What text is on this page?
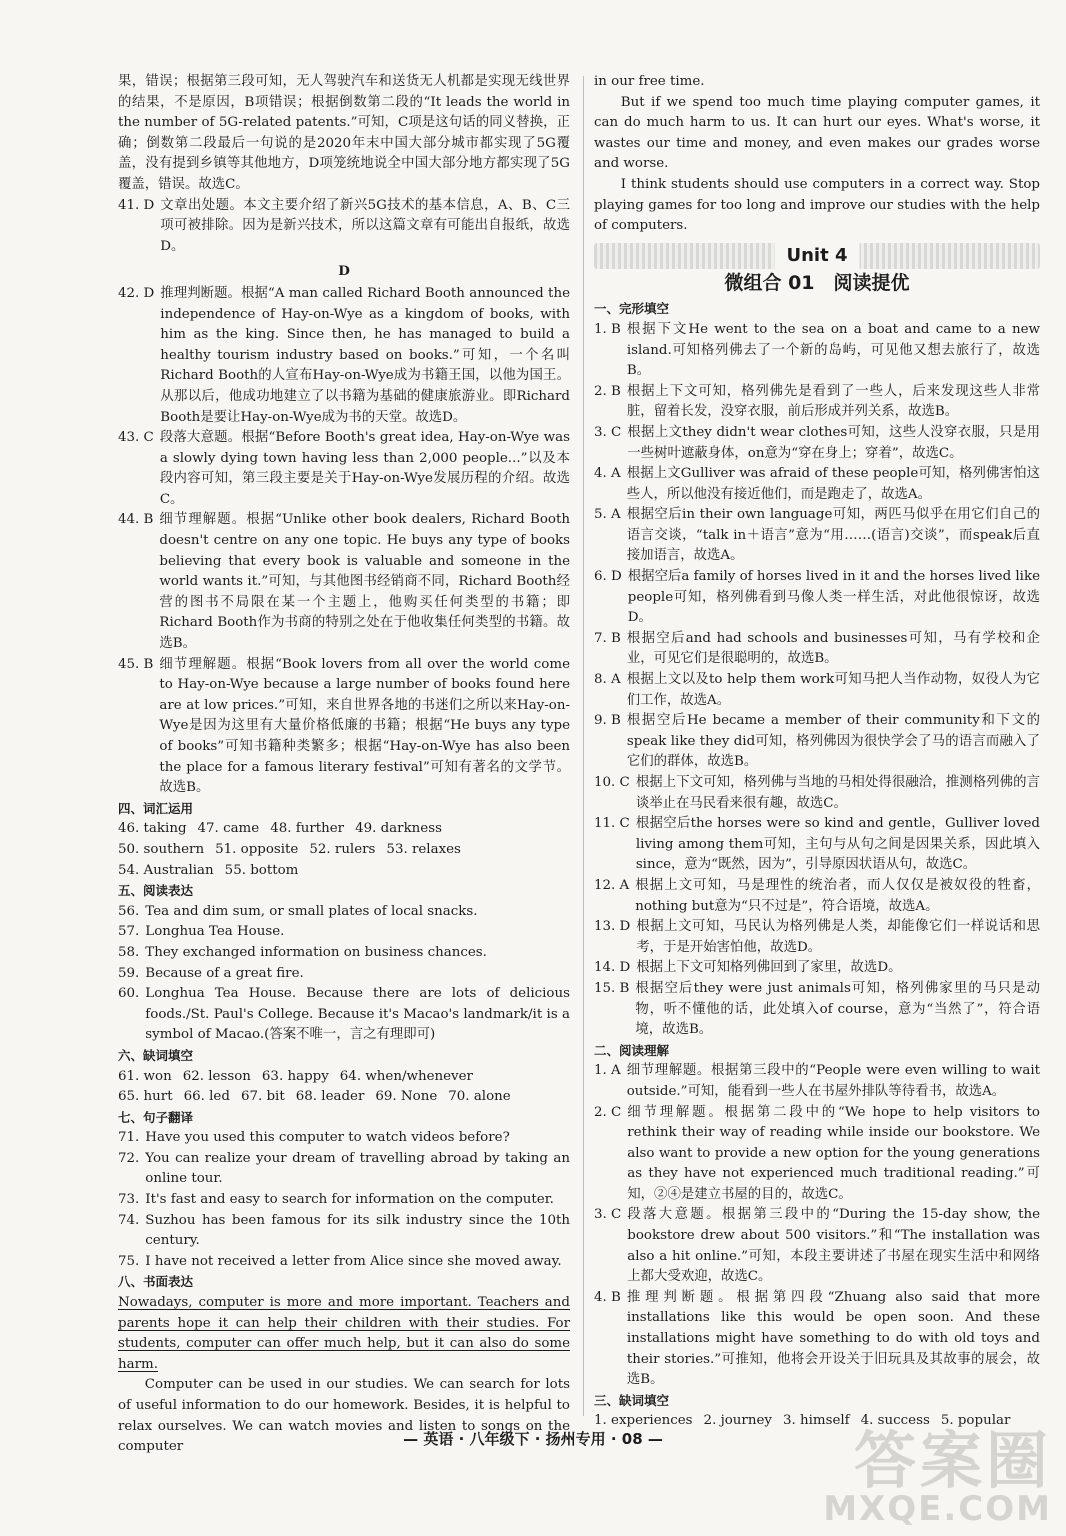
果，错误；根据第三段可知，无人驾驶汽车和送货无人机都是实现无线世界的结果，不是原因，B项错误；根据倒数第二段的“It leads the world in the number of 5G-related patents.”可知，C项是这句话的同义替换，正确；倒数第二段最后一句说的是2020年末中国大部分城市都实现了5G覆盖，没有提到乡镇等其他地方，D项笼统地说全中国大部分地方都实现了5G覆盖，错误。故选C。

41. D 文章出处题。本文主要介绍了新兴5G技术的基本信息，A、B、C三项可被排除。因为是新兴技术，所以这篇文章有可能出自报纸，故选D。

D

42. D 推理判断题。根据“A man called Richard Booth announced the independence of Hay-on-Wye as a kingdom of books, with him as the king. Since then, he has managed to build a healthy tourism industry based on books.”可知，一个名叫Richard Booth的人宣布Hay-on-Wye成为书籍王国，以他为国王。从那以后，他成功地建立了以书籍为基础的健康旅游业。即Richard Booth是要让Hay-on-Wye成为书的天堂。故选D。
43. C 段落大意题。根据“Before Booth's great idea, Hay-on-Wye was a slowly dying town having less than 2,000 people...”以及本段内容可知，第三段主要是关于Hay-on-Wye发展历程的介绍。故选C。
44. B 细节理解题。根据“Unlike other book dealers, Richard Booth doesn't centre on any one topic. He buys any type of books believing that every book is valuable and someone in the world wants it.”可知，与其他图书经销商不同，Richard Booth经营的图书不局限在某一个主题上，他购买任何类型的书籍；即Richard Booth作为书商的特别之处在于他收集任何类型的书籍。故选B。
45. B 细节理解题。根据“Book lovers from all over the world come to Hay-on-Wye because a large number of books found here are at low prices.”可知，来自世界各地的书迷们之所以来Hay-on-Wye是因为这里有大量价格低廉的书籍；根据“He buys any type of books”可知书籍种类繁多；根据“Hay-on-Wye has also been the place for a famous literary festival”可知有著名的文学节。故选B。

四、词汇运用

46. taking 47. came 48. further 49. darkness
50. southern 51. opposite 52. rulers 53. relaxes
54. Australian 55. bottom

五、阅读表达

56. Tea and dim sum, or small plates of local snacks.
57. Longhua Tea House.
58. They exchanged information on business chances.
59. Because of a great fire.
60. Longhua Tea House. Because there are lots of delicious foods./St. Paul's College. Because it's Macao's landmark/it is a symbol of Macao.(答案不唯一，言之有理即可)

六、缺词填空

61. won 62. lesson 63. happy 64. when/whenever
65. hurt 66. led 67. bit 68. leader 69. None 70. alone

七、句子翻译

71. Have you used this computer to watch videos before?
72. You can realize your dream of travelling abroad by taking an online tour.
73. It's fast and easy to search for information on the computer.
74. Suzhou has been famous for its silk industry since the 10th century.
75. I have not received a letter from Alice since she moved away.

八、书面表达

Nowadays, computer is more and more important. Teachers and parents hope it can help their children with their studies. For students, computer can offer much help, but it can also do some harm.

Computer can be used in our studies. We can search for lots of useful information to do our homework. Besides, it is helpful to relax ourselves. We can watch movies and listen to songs on the computer

in our free time.

But if we spend too much time playing computer games, it can do much harm to us. It can hurt our eyes. What's worse, it wastes our time and money, and even makes our grades worse and worse.

I think students should use computers in a correct way. Stop playing games for too long and improve our studies with the help of computers.

Unit 4

微组合 01　阅读提优

一、完形填空

1. B 根据下文He went to the sea on a boat and came to a new island.可知格列佛去了一个新的岛屿，可见他又想去旅行了，故选B。
2. B 根据上下文可知，格列佛先是看到了一些人，后来发现这些人非常脏，留着长发，没穿衣服，前后形成并列关系，故选B。
3. C 根据上文they didn't wear clothes可知，这些人没穿衣服，只是用一些树叶遮蔽身体，on意为“穿在身上；穿着”，故选C。
4. A 根据上文Gulliver was afraid of these people可知，格列佛害怕这些人，所以他没有接近他们，而是跑走了，故选A。
5. A 根据空后in their own language可知，两匹马似乎在用它们自己的语言交谈，“talk in＋语言”意为“用……(语言)交谈”，而speak后直接加语言，故选A。
6. D 根据空后a family of horses lived in it and the horses lived like people可知，格列佛看到马像人类一样生活，对此他很惊讶，故选D。
7. B 根据空后and had schools and businesses可知，马有学校和企业，可见它们是很聪明的，故选B。
8. A 根据上文以及to help them work可知马把人当作动物，奴役人为它们工作，故选A。
9. B 根据空后He became a member of their community和下文的speak like they did可知，格列佛因为很快学会了马的语言而融入了它们的群体，故选B。
10. C 根据上下文可知，格列佛与当地的马相处得很融洽，推测格列佛的言谈举止在马民看来很有趣，故选C。
11. C 根据空后the horses were so kind and gentle，Gulliver loved living among them可知，主句与从句之间是因果关系，因此填入since，意为“既然，因为”，引导原因状语从句，故选C。
12. A 根据上文可知，马是理性的统治者，而人仅仅是被奴役的牲畜，nothing but意为“只不过是”，符合语境，故选A。
13. D 根据上文可知，马民认为格列佛是人类，却能像它们一样说话和思考，于是开始害怕他，故选D。
14. D 根据上下文可知格列佛回到了家里，故选D。
15. B 根据空后they were just animals可知，格列佛家里的马只是动物，听不懂他的话，此处填入of course，意为“当然了”，符合语境，故选B。

二、阅读理解

1. A 细节理解题。根据第三段中的“People were even willing to wait outside.”可知，能看到一些人在书屋外排队等待看书，故选A。
2. C 细节理解题。根据第二段中的“We hope to help visitors to rethink their way of reading while inside our bookstore. We also want to provide a new option for the young generations as they have not experienced much traditional reading.”可知，②④是建立书屋的目的，故选C。
3. C 段落大意题。根据第三段中的“During the 15-day show, the bookstore drew about 500 visitors.”和“The installation was also a hit online.”可知，本段主要讲述了书屋在现实生活中和网络上都大受欢迎，故选C。
4. B 推理判断题。根据第四段“Zhuang also said that more installations like this would be open soon. And these installations might have something to do with old toys and their stories.”可推知，他将会开设关于旧玩具及其故事的展会，故选B。

三、缺词填空

1. experiences 2. journey 3. himself 4. success 5. popular
— 英语 · 八年级下 · 扬州专用 · 08 —	答案圈
MXQE.COM
